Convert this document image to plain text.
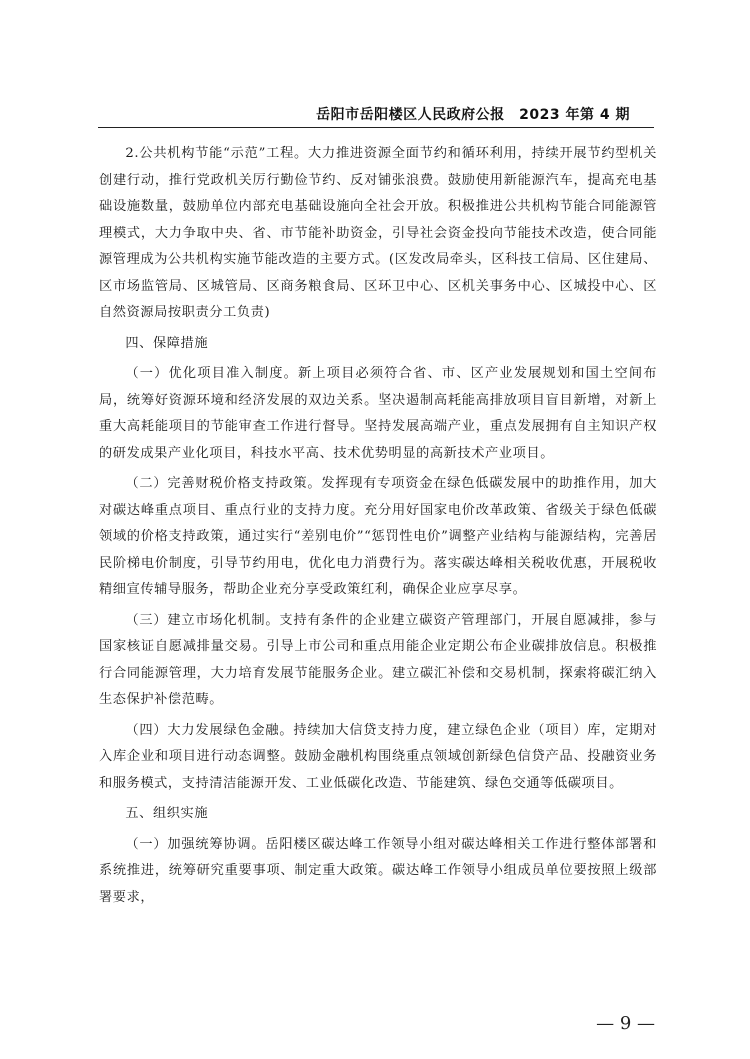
岳阳市岳阳楼区人民政府公报　2023 年第 4 期

2.公共机构节能“示范”工程。大力推进资源全面节约和循环利用，持续开展节约型机关创建行动，推行党政机关厉行勤俭节约、反对铺张浪费。鼓励使用新能源汽车，提高充电基础设施数量，鼓励单位内部充电基础设施向全社会开放。积极推进公共机构节能合同能源管理模式，大力争取中央、省、市节能补助资金，引导社会资金投向节能技术改造，使合同能源管理成为公共机构实施节能改造的主要方式。(区发改局牵头，区科技工信局、区住建局、区市场监管局、区城管局、区商务粮食局、区环卫中心、区机关事务中心、区城投中心、区自然资源局按职责分工负责)

四、保障措施

（一）优化项目准入制度。新上项目必须符合省、市、区产业发展规划和国土空间布局，统筹好资源环境和经济发展的双边关系。坚决遏制高耗能高排放项目盲目新增，对新上重大高耗能项目的节能审查工作进行督导。坚持发展高端产业，重点发展拥有自主知识产权的研发成果产业化项目，科技水平高、技术优势明显的高新技术产业项目。

（二）完善财税价格支持政策。发挥现有专项资金在绿色低碳发展中的助推作用，加大对碳达峰重点项目、重点行业的支持力度。充分用好国家电价改革政策、省级关于绿色低碳领域的价格支持政策，通过实行“差别电价”“惩罚性电价”调整产业结构与能源结构，完善居民阶梯电价制度，引导节约用电，优化电力消费行为。落实碳达峰相关税收优惠，开展税收精细宣传辅导服务，帮助企业充分享受政策红利，确保企业应享尽享。

（三）建立市场化机制。支持有条件的企业建立碳资产管理部门，开展自愿减排，参与国家核证自愿减排量交易。引导上市公司和重点用能企业定期公布企业碳排放信息。积极推行合同能源管理，大力培育发展节能服务企业。建立碳汇补偿和交易机制，探索将碳汇纳入生态保护补偿范畴。

（四）大力发展绿色金融。持续加大信贷支持力度，建立绿色企业（项目）库，定期对入库企业和项目进行动态调整。鼓励金融机构围绕重点领域创新绿色信贷产品、投融资业务和服务模式，支持清洁能源开发、工业低碳化改造、节能建筑、绿色交通等低碳项目。

五、组织实施

（一）加强统筹协调。岳阳楼区碳达峰工作领导小组对碳达峰相关工作进行整体部署和系统推进，统筹研究重要事项、制定重大政策。碳达峰工作领导小组成员单位要按照上级部署要求，

— 9 —
